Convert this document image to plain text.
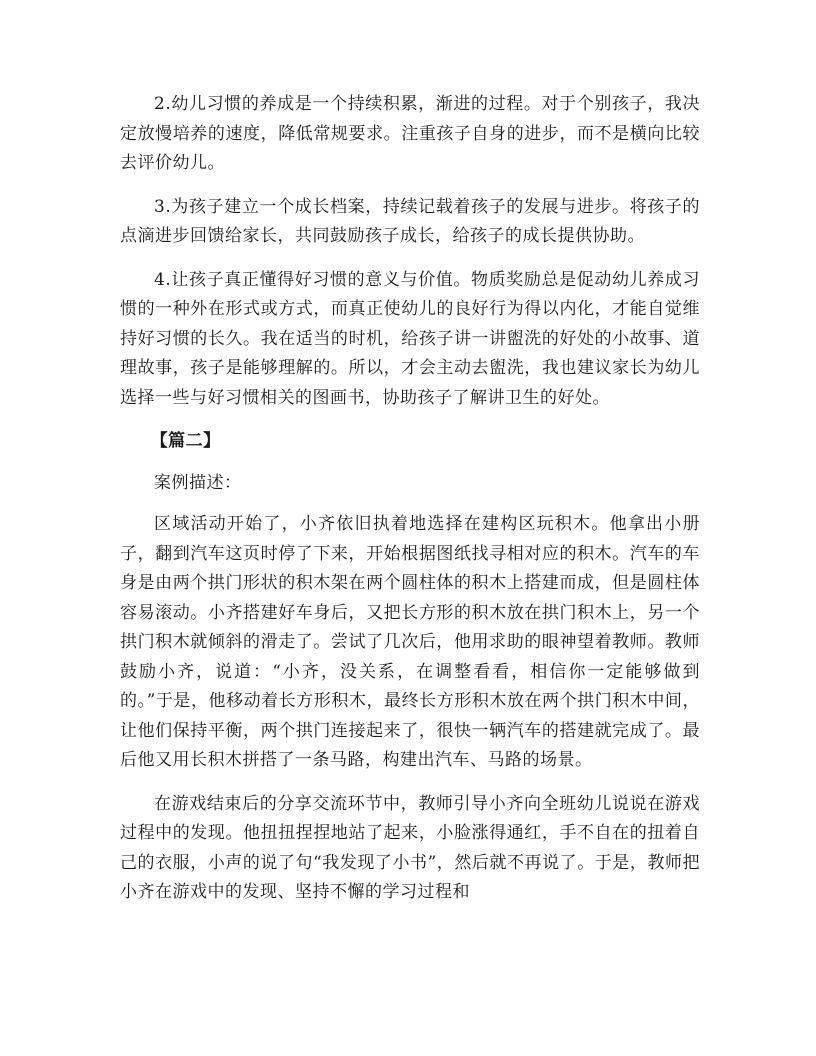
2.幼儿习惯的养成是一个持续积累，渐进的过程。对于个别孩子，我决定放慢培养的速度，降低常规要求。注重孩子自身的进步，而不是横向比较去评价幼儿。

3.为孩子建立一个成长档案，持续记载着孩子的发展与进步。将孩子的点滴进步回馈给家长，共同鼓励孩子成长，给孩子的成长提供协助。

4.让孩子真正懂得好习惯的意义与价值。物质奖励总是促动幼儿养成习惯的一种外在形式或方式，而真正使幼儿的良好行为得以内化，才能自觉维持好习惯的长久。我在适当的时机，给孩子讲一讲盥洗的好处的小故事、道理故事，孩子是能够理解的。所以，才会主动去盥洗，我也建议家长为幼儿选择一些与好习惯相关的图画书，协助孩子了解讲卫生的好处。

【篇二】

案例描述：

区域活动开始了，小齐依旧执着地选择在建构区玩积木。他拿出小册子，翻到汽车这页时停了下来，开始根据图纸找寻相对应的积木。汽车的车身是由两个拱门形状的积木架在两个圆柱体的积木上搭建而成，但是圆柱体容易滚动。小齐搭建好车身后，又把长方形的积木放在拱门积木上，另一个拱门积木就倾斜的滑走了。尝试了几次后，他用求助的眼神望着教师。教师鼓励小齐，说道：“小齐，没关系，在调整看看，相信你一定能够做到的。”于是，他移动着长方形积木，最终长方形积木放在两个拱门积木中间，让他们保持平衡，两个拱门连接起来了，很快一辆汽车的搭建就完成了。最后他又用长积木拼搭了一条马路，构建出汽车、马路的场景。

在游戏结束后的分享交流环节中，教师引导小齐向全班幼儿说说在游戏过程中的发现。他扭扭捏捏地站了起来，小脸涨得通红，手不自在的扭着自己的衣服，小声的说了句“我发现了小书”，然后就不再说了。于是，教师把小齐在游戏中的发现、坚持不懈的学习过程和
